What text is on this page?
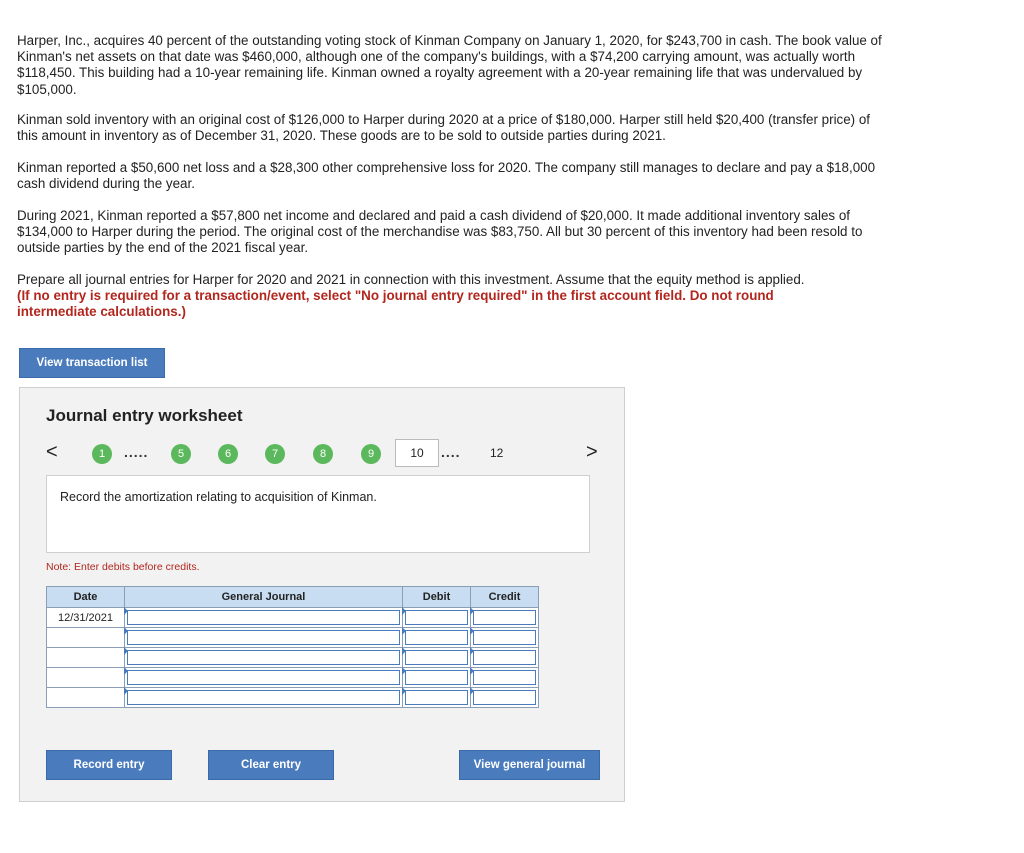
Harper, Inc., acquires 40 percent of the outstanding voting stock of Kinman Company on January 1, 2020, for $243,700 in cash. The book value of Kinman's net assets on that date was $460,000, although one of the company's buildings, with a $74,200 carrying amount, was actually worth $118,450. This building had a 10-year remaining life. Kinman owned a royalty agreement with a 20-year remaining life that was undervalued by $105,000.
Kinman sold inventory with an original cost of $126,000 to Harper during 2020 at a price of $180,000. Harper still held $20,400 (transfer price) of this amount in inventory as of December 31, 2020. These goods are to be sold to outside parties during 2021.
Kinman reported a $50,600 net loss and a $28,300 other comprehensive loss for 2020. The company still manages to declare and pay a $18,000 cash dividend during the year.
During 2021, Kinman reported a $57,800 net income and declared and paid a cash dividend of $20,000. It made additional inventory sales of $134,000 to Harper during the period. The original cost of the merchandise was $83,750. All but 30 percent of this inventory had been resold to outside parties by the end of the 2021 fiscal year.
Prepare all journal entries for Harper for 2020 and 2021 in connection with this investment. Assume that the equity method is applied.
(If no entry is required for a transaction/event, select "No journal entry required" in the first account field. Do not round intermediate calculations.)
View transaction list
Journal entry worksheet
<	1	.....	5	6	7	8	9	10	.... 12	>
Record the amortization relating to acquisition of Kinman.
Note: Enter debits before credits.
Date	General Journal	Debit	Credit
12/31/2021	

Record entry	Clear entry	View general journal
